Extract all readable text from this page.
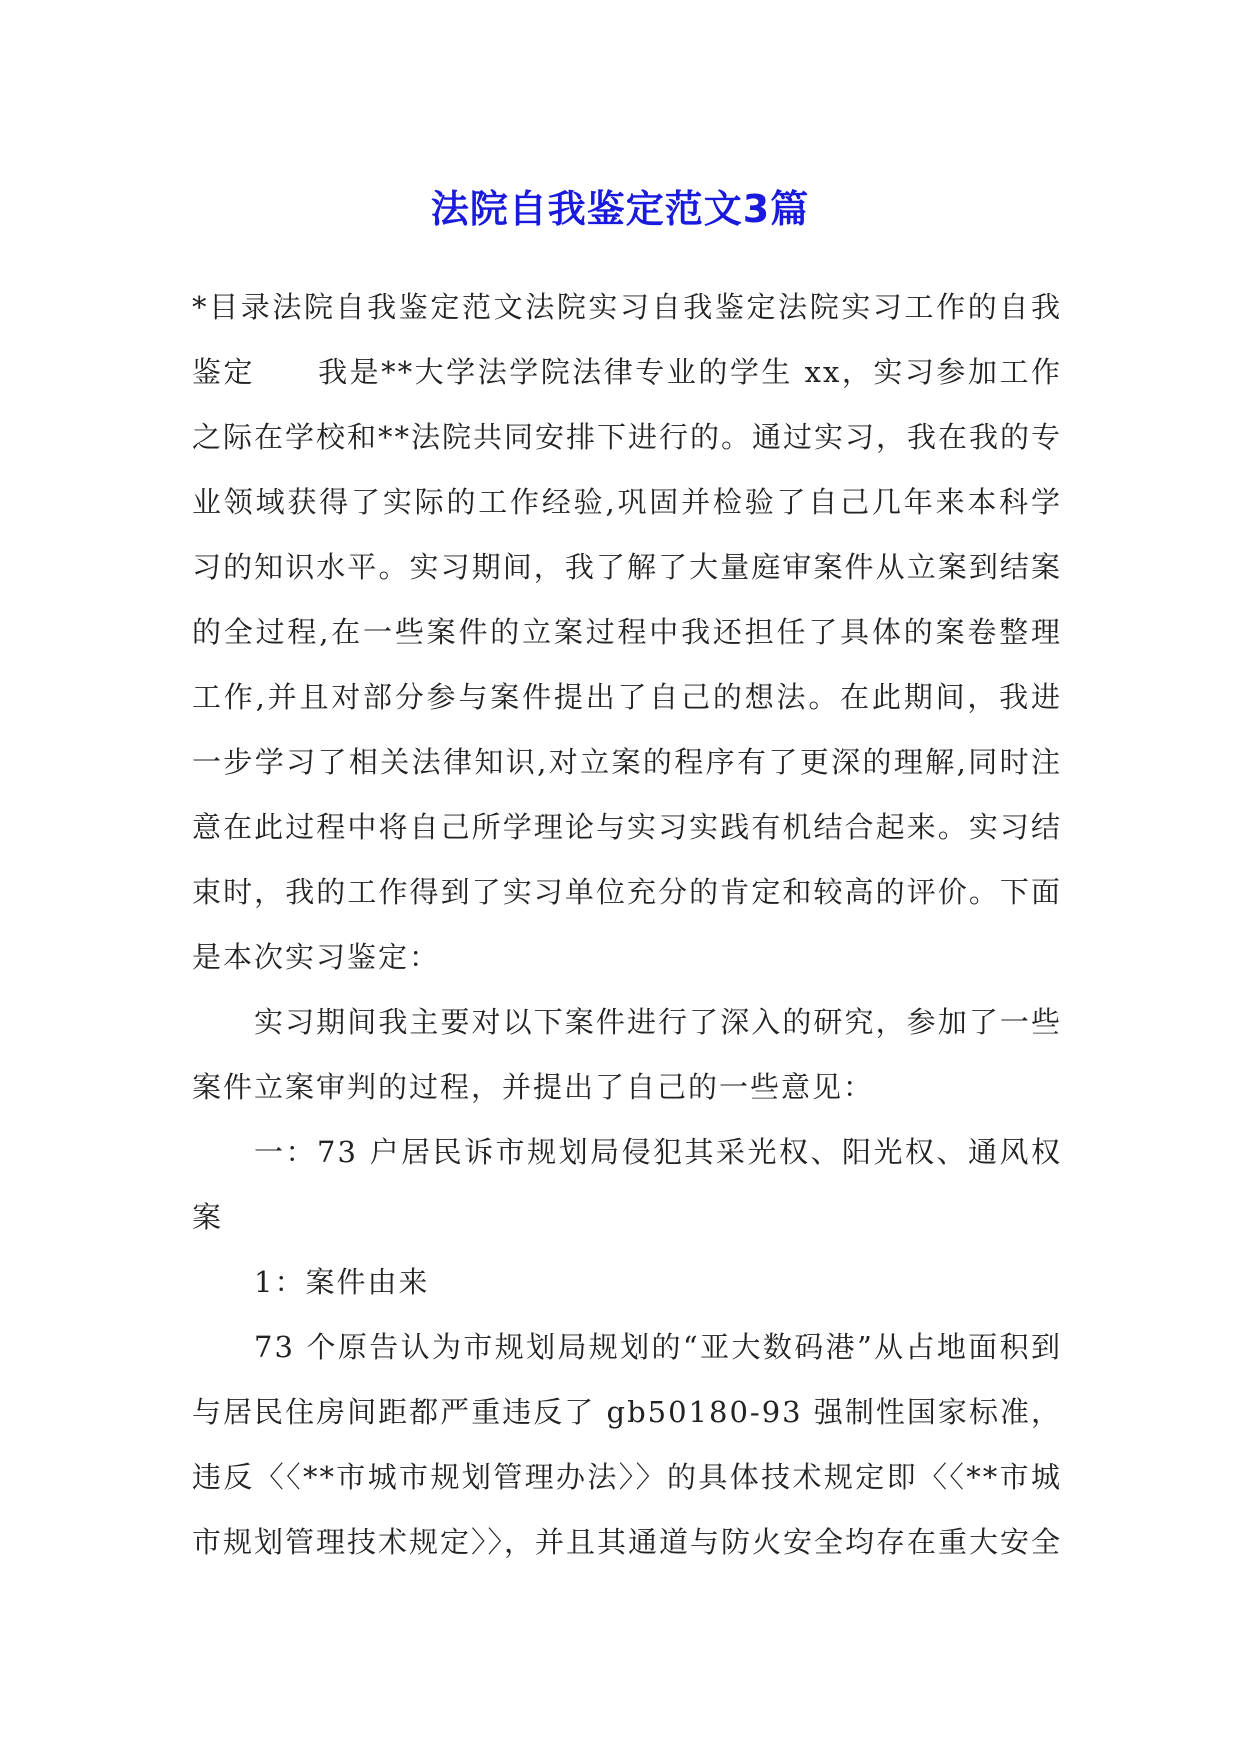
法院自我鉴定范文3篇

*目录法院自我鉴定范文法院实习自我鉴定法院实习工作的自我鉴定　　我是**大学法学院法律专业的学生 xx，实习参加工作之际在学校和**法院共同安排下进行的。通过实习，我在我的专业领域获得了实际的工作经验,巩固并检验了自己几年来本科学习的知识水平。实习期间，我了解了大量庭审案件从立案到结案的全过程,在一些案件的立案过程中我还担任了具体的案卷整理工作,并且对部分参与案件提出了自己的想法。在此期间，我进一步学习了相关法律知识,对立案的程序有了更深的理解,同时注意在此过程中将自己所学理论与实习实践有机结合起来。实习结束时，我的工作得到了实习单位充分的肯定和较高的评价。下面是本次实习鉴定：

实习期间我主要对以下案件进行了深入的研究，参加了一些案件立案审判的过程，并提出了自己的一些意见：

一：73 户居民诉市规划局侵犯其采光权、阳光权、通风权案

1：案件由来

73 个原告认为市规划局规划的“亚大数码港”从占地面积到与居民住房间距都严重违反了 gb50180-93 强制性国家标准，违反〈〈**市城市规划管理办法〉〉的具体技术规定即〈〈**市城市规划管理技术规定〉〉，并且其通道与防火安全均存在重大安全
